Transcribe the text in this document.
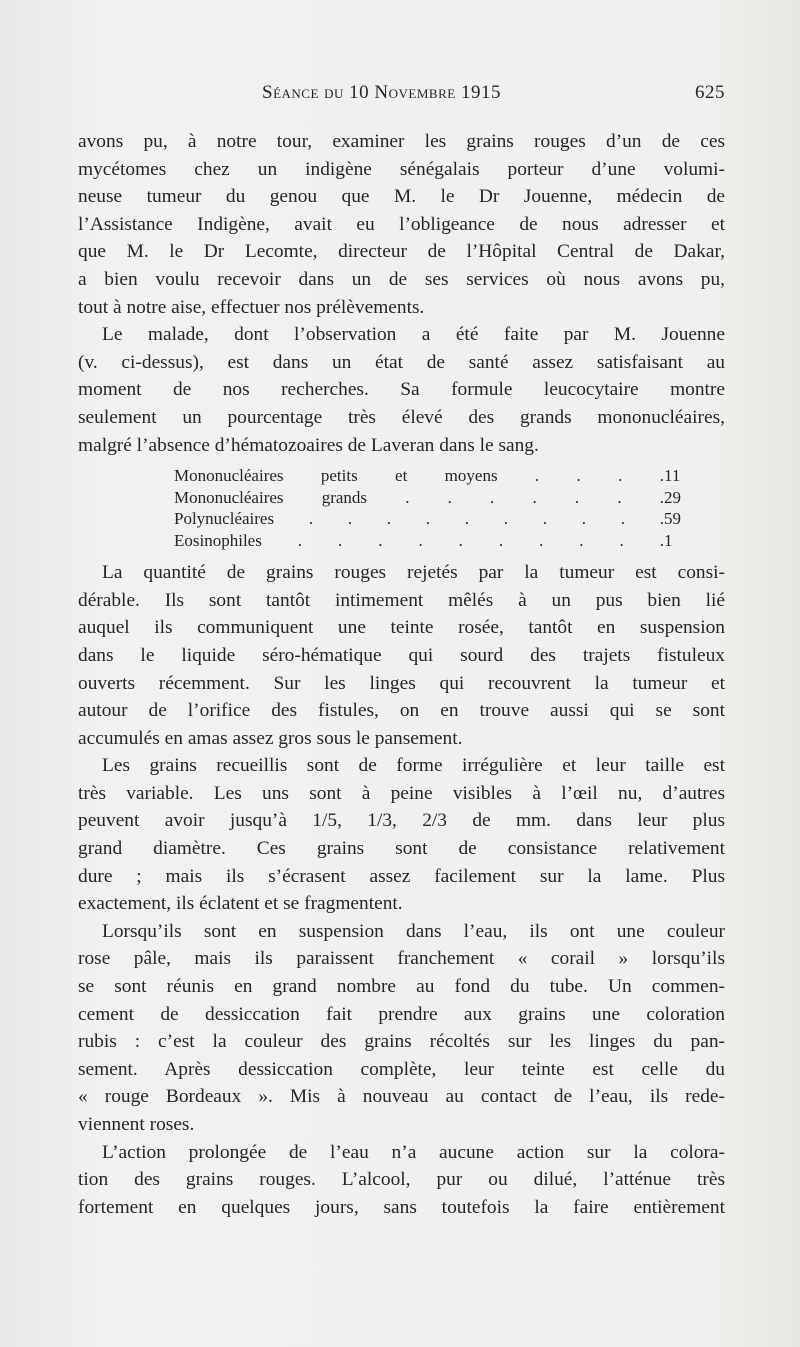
Séance du 10 Novembre 1915	625
avons pu, à notre tour, examiner les grains rouges d’un de ces
mycétomes chez un indigène sénégalais porteur d’une volumi-
neuse tumeur du genou que M. le Dr Jouenne, médecin de
l’Assistance Indigène, avait eu l’obligeance de nous adresser et
que M. le Dr Lecomte, directeur de l’Hôpital Central de Dakar,
a bien voulu recevoir dans un de ses services où nous avons pu,
tout à notre aise, effectuer nos prélèvements.
Le malade, dont l’observation a été faite par M. Jouenne
(v. ci-dessus), est dans un état de santé assez satisfaisant au
moment de nos recherches. Sa formule leucocytaire montre
seulement un pourcentage très élevé des grands mononucléaires,
malgré l’absence d’hématozoaires de Laveran dans le sang.
Mononucléaires petits et moyens . . . . 11
Mononucléaires grands . . . . . . . 29
Polynucléaires . . . . . . . . . . 59
Eosinophiles . . . . . . . . . . 1
La quantité de grains rouges rejetés par la tumeur est consi-
dérable. Ils sont tantôt intimement mêlés à un pus bien lié
auquel ils communiquent une teinte rosée, tantôt en suspension
dans le liquide séro-hématique qui sourd des trajets fistuleux
ouverts récemment. Sur les linges qui recouvrent la tumeur et
autour de l’orifice des fistules, on en trouve aussi qui se sont
accumulés en amas assez gros sous le pansement.
Les grains recueillis sont de forme irrégulière et leur taille est
très variable. Les uns sont à peine visibles à l’œil nu, d’autres
peuvent avoir jusqu’à 1/5, 1/3, 2/3 de mm. dans leur plus
grand diamètre. Ces grains sont de consistance relativement
dure ; mais ils s’écrasent assez facilement sur la lame. Plus
exactement, ils éclatent et se fragmentent.
Lorsqu’ils sont en suspension dans l’eau, ils ont une couleur
rose pâle, mais ils paraissent franchement « corail » lorsqu’ils
se sont réunis en grand nombre au fond du tube. Un commen-
cement de dessiccation fait prendre aux grains une coloration
rubis : c’est la couleur des grains récoltés sur les linges du pan-
sement. Après dessiccation complète, leur teinte est celle du
« rouge Bordeaux ». Mis à nouveau au contact de l’eau, ils rede-
viennent roses.
L’action prolongée de l’eau n’a aucune action sur la colora-
tion des grains rouges. L’alcool, pur ou dilué, l’atténue très
fortement en quelques jours, sans toutefois la faire entièrement
